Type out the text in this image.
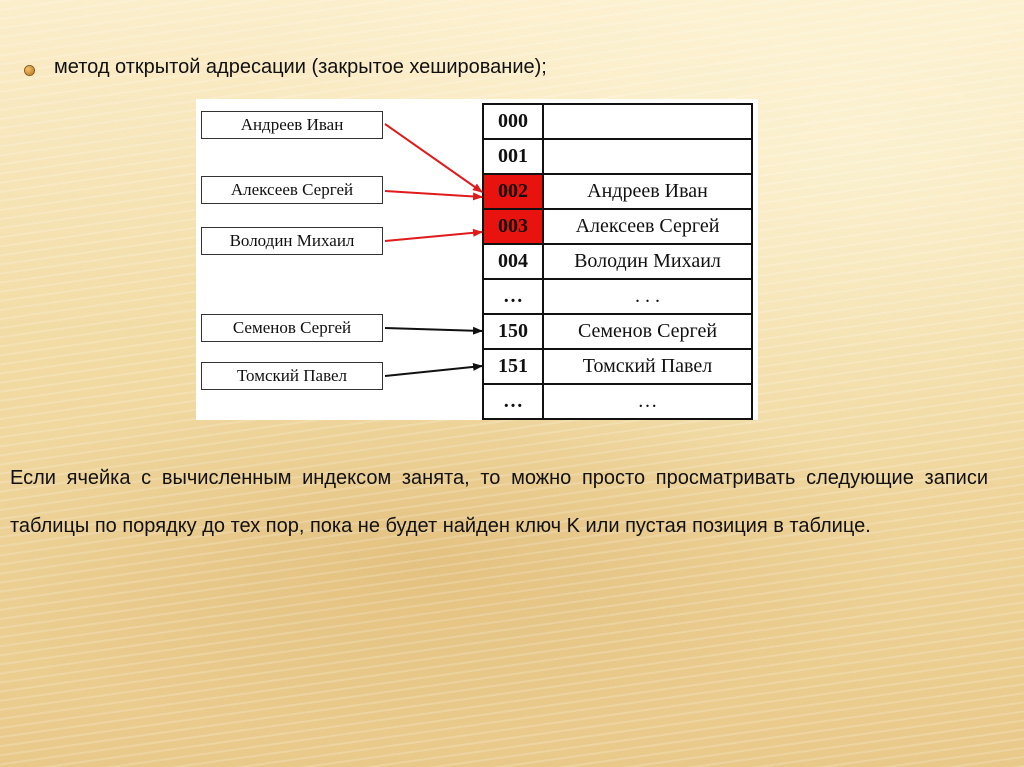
метод открытой адресации (закрытое хеширование);
Андреев Иван
Алексеев Сергей
Володин Михаил
Семенов Сергей
Томский Павел
000	
001	
002	Андреев Иван
003	Алексеев Сергей
004	Володин Михаил
…	. . .
150	Семенов Сергей
151	Томский Павел
…	…
Если ячейка с вычисленным индексом занята, то можно просто просматривать следующие записи таблицы по порядку до тех пор, пока не будет найден ключ K или пустая позиция в таблице.
